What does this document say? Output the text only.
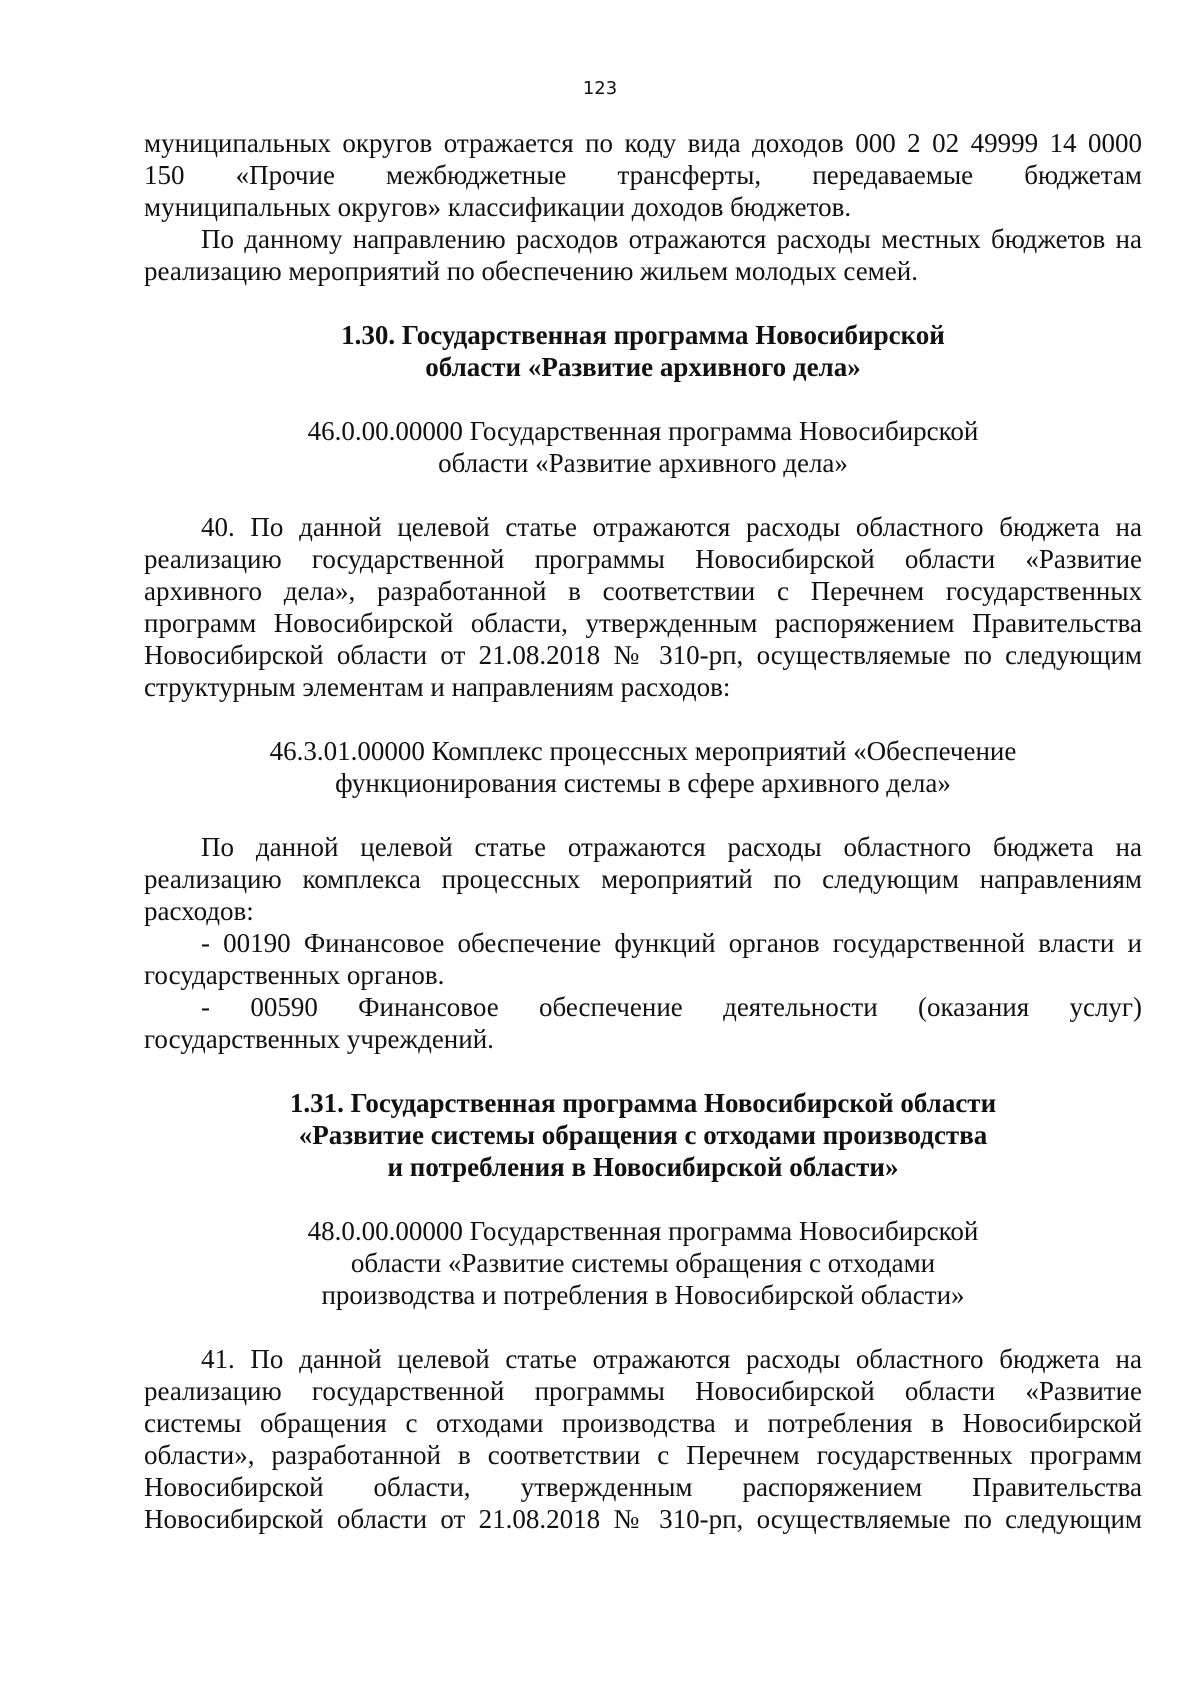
123

муниципальных округов отражается по коду вида доходов 000 2 02 49999 14 0000

150 «Прочие межбюджетные трансферты, передаваемые бюджетам

муниципальных округов» классификации доходов бюджетов.

По данному направлению расходов отражаются расходы местных бюджетов на реализацию мероприятий по обеспечению жильем молодых семей.

1.30. Государственная программа Новосибирской

области «Развитие архивного дела»

46.0.00.00000 Государственная программа Новосибирской

области «Развитие архивного дела»

40. По данной целевой статье отражаются расходы областного бюджета на реализацию государственной программы Новосибирской области «Развитие архивного дела», разработанной в соответствии с Перечнем государственных программ Новосибирской области, утвержденным распоряжением Правительства Новосибирской области от 21.08.2018 № 310-рп, осуществляемые по следующим структурным элементам и направлениям расходов:

46.3.01.00000 Комплекс процессных мероприятий «Обеспечение

функционирования системы в сфере архивного дела»

По данной целевой статье отражаются расходы областного бюджета на реализацию комплекса процессных мероприятий по следующим направлениям расходов:

- 00190 Финансовое обеспечение функций органов государственной власти и государственных органов.

- 00590 Финансовое обеспечение деятельности (оказания услуг)

государственных учреждений.

1.31. Государственная программа Новосибирской области

«Развитие системы обращения с отходами производства

и потребления в Новосибирской области»

48.0.00.00000 Государственная программа Новосибирской

области «Развитие системы обращения с отходами

производства и потребления в Новосибирской области»

41. По данной целевой статье отражаются расходы областного бюджета на

реализацию государственной программы Новосибирской области «Развитие

системы обращения с отходами производства и потребления в Новосибирской

области», разработанной в соответствии с Перечнем государственных программ

Новосибирской области, утвержденным распоряжением Правительства

Новосибирской области от 21.08.2018 № 310-рп, осуществляемые по следующим
